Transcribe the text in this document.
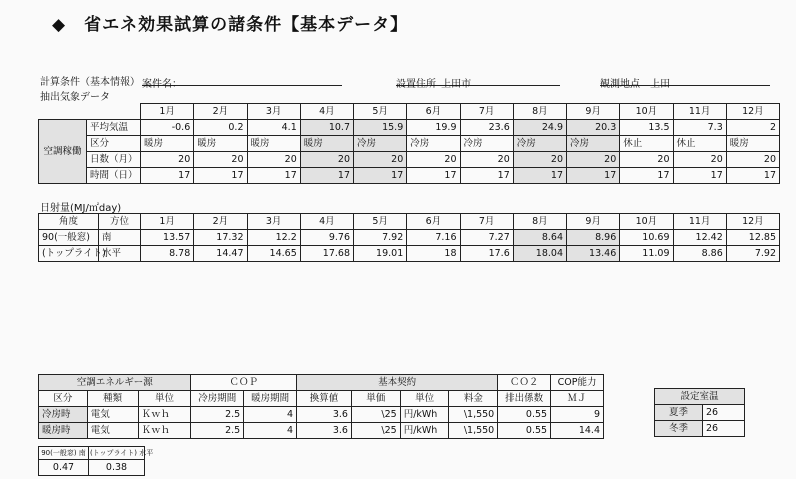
◆ 省エネ効果試算の諸条件【基本データ】
計算条件（基本情報） 案件名：	設置住所 上田市	観測地点 上田
抽出気象データ
		1月	2月	3月	4月	5月	6月	7月	8月	9月	10月	11月	12月
空調稼働	平均気温	-0.6	0.2	4.1	10.7	15.9	19.9	23.6	24.9	20.3	13.5	7.3	2
	区分	暖房	暖房	暖房	暖房	冷房	冷房	冷房	冷房	冷房	休止	休止	暖房
	日数（月）	20	20	20	20	20	20	20	20	20	20	20	20
	時間（日）	17	17	17	17	17	17	17	17	17	17	17	17
日射量(MJ/㎡day)
角度	方位	1月	2月	3月	4月	5月	6月	7月	8月	9月	10月	11月	12月
90(一般窓)	南	13.57	17.32	12.2	9.76	7.92	7.16	7.27	8.64	8.96	10.69	12.42	12.85
(トップライト)	水平	8.78	14.47	14.65	17.68	19.01	18	17.6	18.04	13.46	11.09	8.86	7.92
空調エネルギー源			ＣＯＰ		基本契約				ＣＯ２	COP能力
区分	種類	単位	冷房期間	暖房期間	換算値	単価	単位	料金	排出係数	ＭＪ
冷房時	電気	Ｋｗｈ	2.5	4	3.6	\25	円/kWh	\1,550	0.55	9
暖房時	電気	Ｋｗｈ	2.5	4	3.6	\25	円/kWh	\1,550	0.55	14.4
設定室温	
夏季	26
冬季	26
90(一般窓) 南	(トップライト) 水平
0.47	0.38
